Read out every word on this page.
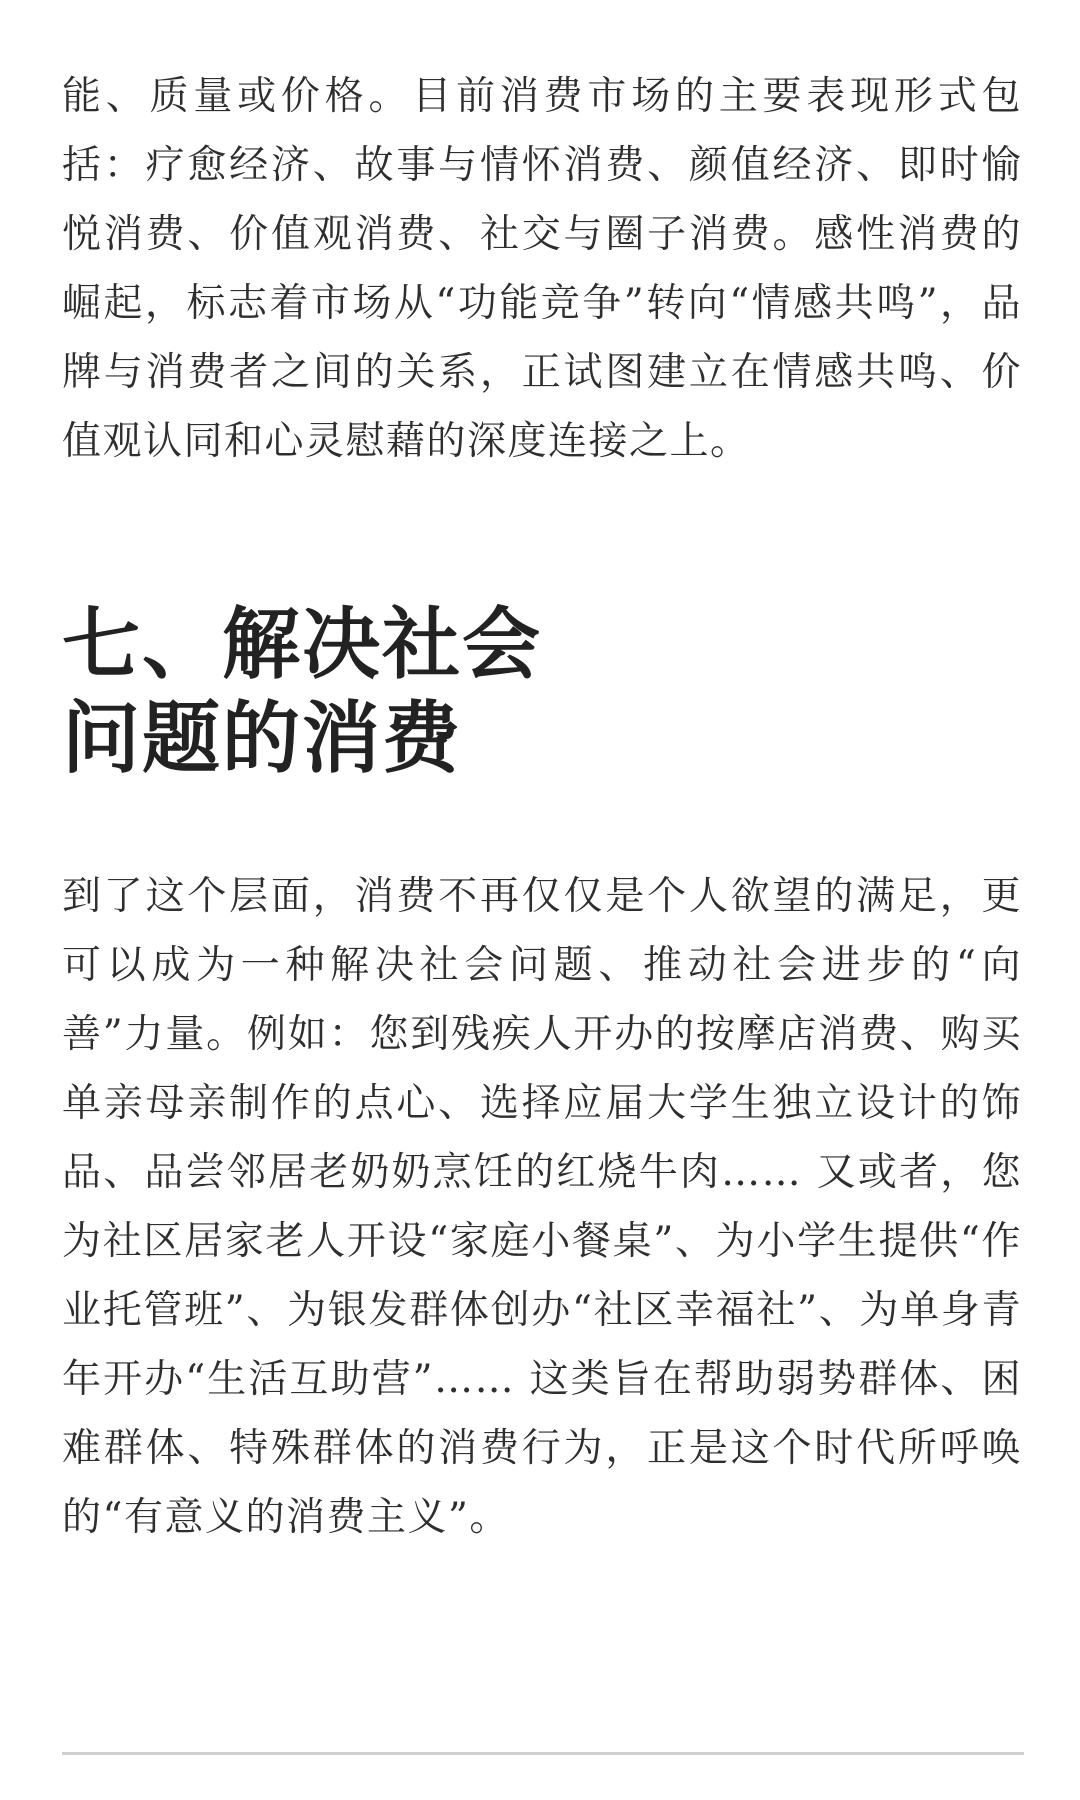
能、质量或价格。目前消费市场的主要表现形式包括：疗愈经济、故事与情怀消费、颜值经济、即时愉悦消费、价值观消费、社交与圈子消费。感性消费的崛起，标志着市场从“功能竞争”转向“情感共鸣”，品牌与消费者之间的关系，正试图建立在情感共鸣、价值观认同和心灵慰藉的深度连接之上。

七、解决社会
问题的消费

到了这个层面，消费不再仅仅是个人欲望的满足，更可以成为一种解决社会问题、推动社会进步的“向善”力量。例如：您到残疾人开办的按摩店消费、购买单亲母亲制作的点心、选择应届大学生独立设计的饰品、品尝邻居老奶奶烹饪的红烧牛肉…… 又或者，您为社区居家老人开设“家庭小餐桌”、为小学生提供“作业托管班”、为银发群体创办“社区幸福社”、为单身青年开办“生活互助营”…… 这类旨在帮助弱势群体、困难群体、特殊群体的消费行为，正是这个时代所呼唤的“有意义的消费主义”。
